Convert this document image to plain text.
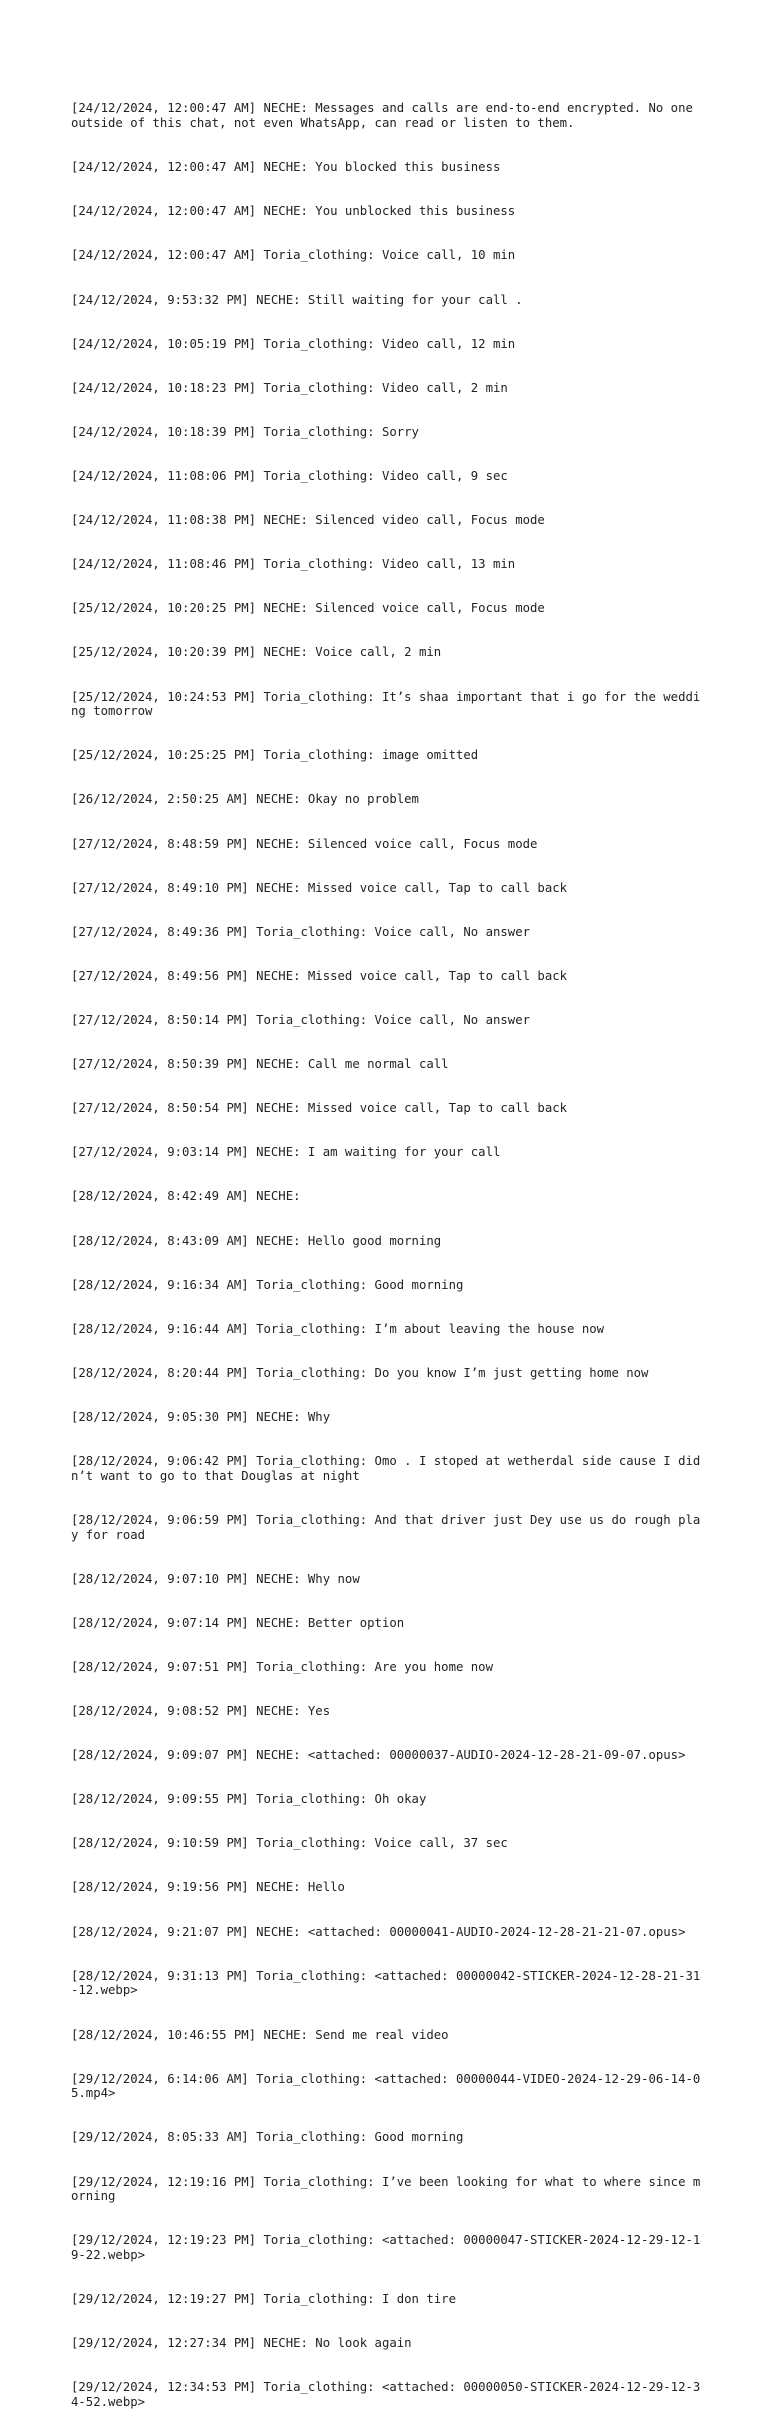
[24/12/2024, 12:00:47 AM] NECHE: Messages and calls are end-to-end encrypted. No one outside of this chat, not even WhatsApp, can read or listen to them.

[24/12/2024, 12:00:47 AM] NECHE: You blocked this business

[24/12/2024, 12:00:47 AM] NECHE: You unblocked this business

[24/12/2024, 12:00:47 AM] Toria_clothing: Voice call, 10 min

[24/12/2024, 9:53:32 PM] NECHE: Still waiting for your call .

[24/12/2024, 10:05:19 PM] Toria_clothing: Video call, 12 min

[24/12/2024, 10:18:23 PM] Toria_clothing: Video call, 2 min

[24/12/2024, 10:18:39 PM] Toria_clothing: Sorry

[24/12/2024, 11:08:06 PM] Toria_clothing: Video call, 9 sec

[24/12/2024, 11:08:38 PM] NECHE: Silenced video call, Focus mode

[24/12/2024, 11:08:46 PM] Toria_clothing: Video call, 13 min

[25/12/2024, 10:20:25 PM] NECHE: Silenced voice call, Focus mode

[25/12/2024, 10:20:39 PM] NECHE: Voice call, 2 min

[25/12/2024, 10:24:53 PM] Toria_clothing: It’s shaa important that i go for the wedding tomorrow

[25/12/2024, 10:25:25 PM] Toria_clothing: image omitted

[26/12/2024, 2:50:25 AM] NECHE: Okay no problem

[27/12/2024, 8:48:59 PM] NECHE: Silenced voice call, Focus mode

[27/12/2024, 8:49:10 PM] NECHE: Missed voice call, Tap to call back

[27/12/2024, 8:49:36 PM] Toria_clothing: Voice call, No answer

[27/12/2024, 8:49:56 PM] NECHE: Missed voice call, Tap to call back

[27/12/2024, 8:50:14 PM] Toria_clothing: Voice call, No answer

[27/12/2024, 8:50:39 PM] NECHE: Call me normal call

[27/12/2024, 8:50:54 PM] NECHE: Missed voice call, Tap to call back

[27/12/2024, 9:03:14 PM] NECHE: I am waiting for your call

[28/12/2024, 8:42:49 AM] NECHE:

[28/12/2024, 8:43:09 AM] NECHE: Hello good morning

[28/12/2024, 9:16:34 AM] Toria_clothing: Good morning

[28/12/2024, 9:16:44 AM] Toria_clothing: I’m about leaving the house now

[28/12/2024, 8:20:44 PM] Toria_clothing: Do you know I’m just getting home now

[28/12/2024, 9:05:30 PM] NECHE: Why

[28/12/2024, 9:06:42 PM] Toria_clothing: Omo . I stoped at wetherdal side cause I didn’t want to go to that Douglas at night

[28/12/2024, 9:06:59 PM] Toria_clothing: And that driver just Dey use us do rough play for road

[28/12/2024, 9:07:10 PM] NECHE: Why now

[28/12/2024, 9:07:14 PM] NECHE: Better option

[28/12/2024, 9:07:51 PM] Toria_clothing: Are you home now

[28/12/2024, 9:08:52 PM] NECHE: Yes

[28/12/2024, 9:09:07 PM] NECHE: <attached: 00000037-AUDIO-2024-12-28-21-09-07.opus>

[28/12/2024, 9:09:55 PM] Toria_clothing: Oh okay

[28/12/2024, 9:10:59 PM] Toria_clothing: Voice call, 37 sec

[28/12/2024, 9:19:56 PM] NECHE: Hello

[28/12/2024, 9:21:07 PM] NECHE: <attached: 00000041-AUDIO-2024-12-28-21-21-07.opus>

[28/12/2024, 9:31:13 PM] Toria_clothing: <attached: 00000042-STICKER-2024-12-28-21-31-12.webp>

[28/12/2024, 10:46:55 PM] NECHE: Send me real video

[29/12/2024, 6:14:06 AM] Toria_clothing: <attached: 00000044-VIDEO-2024-12-29-06-14-05.mp4>

[29/12/2024, 8:05:33 AM] Toria_clothing: Good morning

[29/12/2024, 12:19:16 PM] Toria_clothing: I’ve been looking for what to where since morning

[29/12/2024, 12:19:23 PM] Toria_clothing: <attached: 00000047-STICKER-2024-12-29-12-19-22.webp>

[29/12/2024, 12:19:27 PM] Toria_clothing: I don tire

[29/12/2024, 12:27:34 PM] NECHE: No look again

[29/12/2024, 12:34:53 PM] Toria_clothing: <attached: 00000050-STICKER-2024-12-29-12-34-52.webp>
